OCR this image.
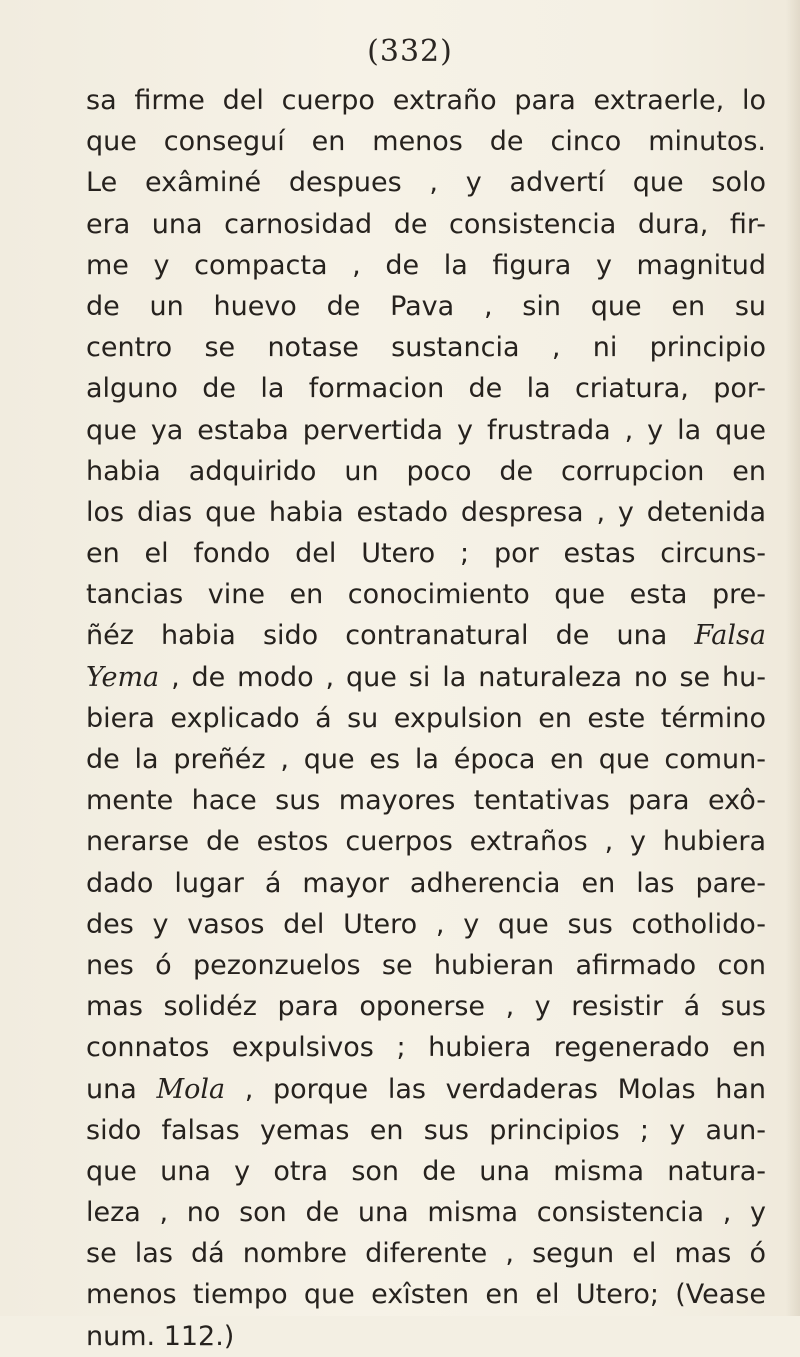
(332)
sa firme del cuerpo extraño para extraerle, lo
que conseguí en menos de cinco minutos.
Le exâminé despues , y advertí que solo
era una carnosidad de consistencia dura, fir-
me y compacta , de la figura y magnitud
de un huevo de Pava , sin que en su
centro se notase sustancia , ni principio
alguno de la formacion de la criatura, por-
que ya estaba pervertida y frustrada , y la que
habia adquirido un poco de corrupcion en
los dias que habia estado despresa , y detenida
en el fondo del Utero ; por estas circuns-
tancias vine en conocimiento que esta pre-
ñéz habia sido contranatural de una Falsa
Yema , de modo , que si la naturaleza no se hu-
biera explicado á su expulsion en este término
de la preñéz , que es la época en que comun-
mente hace sus mayores tentativas para exô-
nerarse de estos cuerpos extraños , y hubiera
dado lugar á mayor adherencia en las pare-
des y vasos del Utero , y que sus cotholido-
nes ó pezonzuelos se hubieran afirmado con
mas solidéz para oponerse , y resistir á sus
connatos expulsivos ; hubiera regenerado en
una Mola , porque las verdaderas Molas han
sido falsas yemas en sus principios ; y aun-
que una y otra son de una misma natura-
leza , no son de una misma consistencia , y
se las dá nombre diferente , segun el mas ó
menos tiempo que exîsten en el Utero; (Vease
num. 112.)
